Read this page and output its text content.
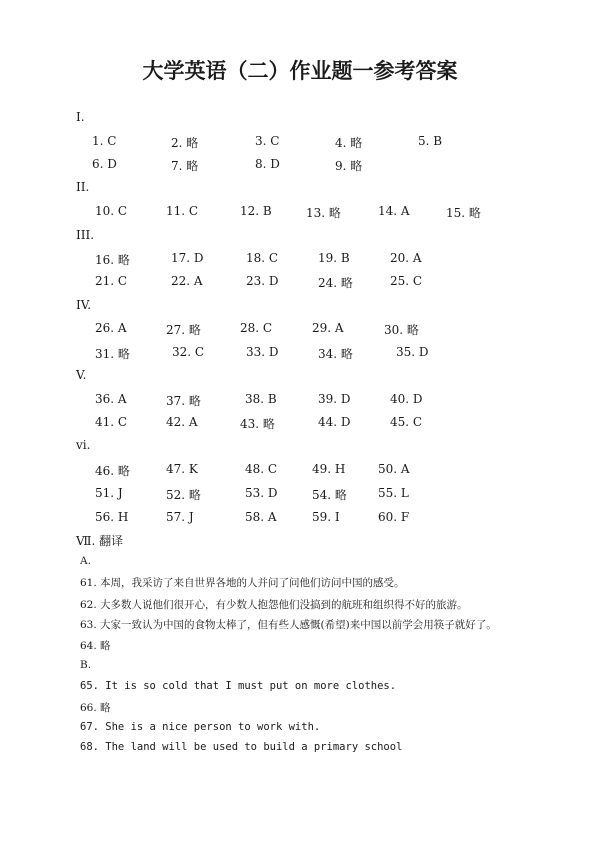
大学英语（二）作业题一参考答案
I.
II.
III.
IV.
V.
vi.
Ⅶ. 翻译
1. C	2. 略	3. C	4. 略	5. B
6. D	7. 略	8. D	9. 略
10. C	11. C	12. B	13. 略	14. A	15. 略
16. 略	17. D	18. C	19. B	20. A
21. C	22. A	23. D	24. 略	25. C
26. A	27. 略	28. C	29. A	30. 略
31. 略	32. C	33. D	34. 略	35. D
36. A	37. 略	38. B	39. D	40. D
41. C	42. A	43. 略	44. D	45. C
46. 略	47. K	48. C	49. H	50. A
51. J	52. 略	53. D	54. 略	55. L
56. H	57. J	58. A	59. I	60. F
A.
61. 本周，我采访了来自世界各地的人并问了问他们访问中国的感受。
62. 大多数人说他们很开心，有少数人抱怨他们没搞到的航班和组织得不好的旅游。
63. 大家一致认为中国的食物太棒了，但有些人感慨(希望)来中国以前学会用筷子就好了。
64. 略
B.
65. It is so cold that I must put on more clothes.
66. 略
67. She is a nice person to work with.
68. The land will be used to build a primary school
